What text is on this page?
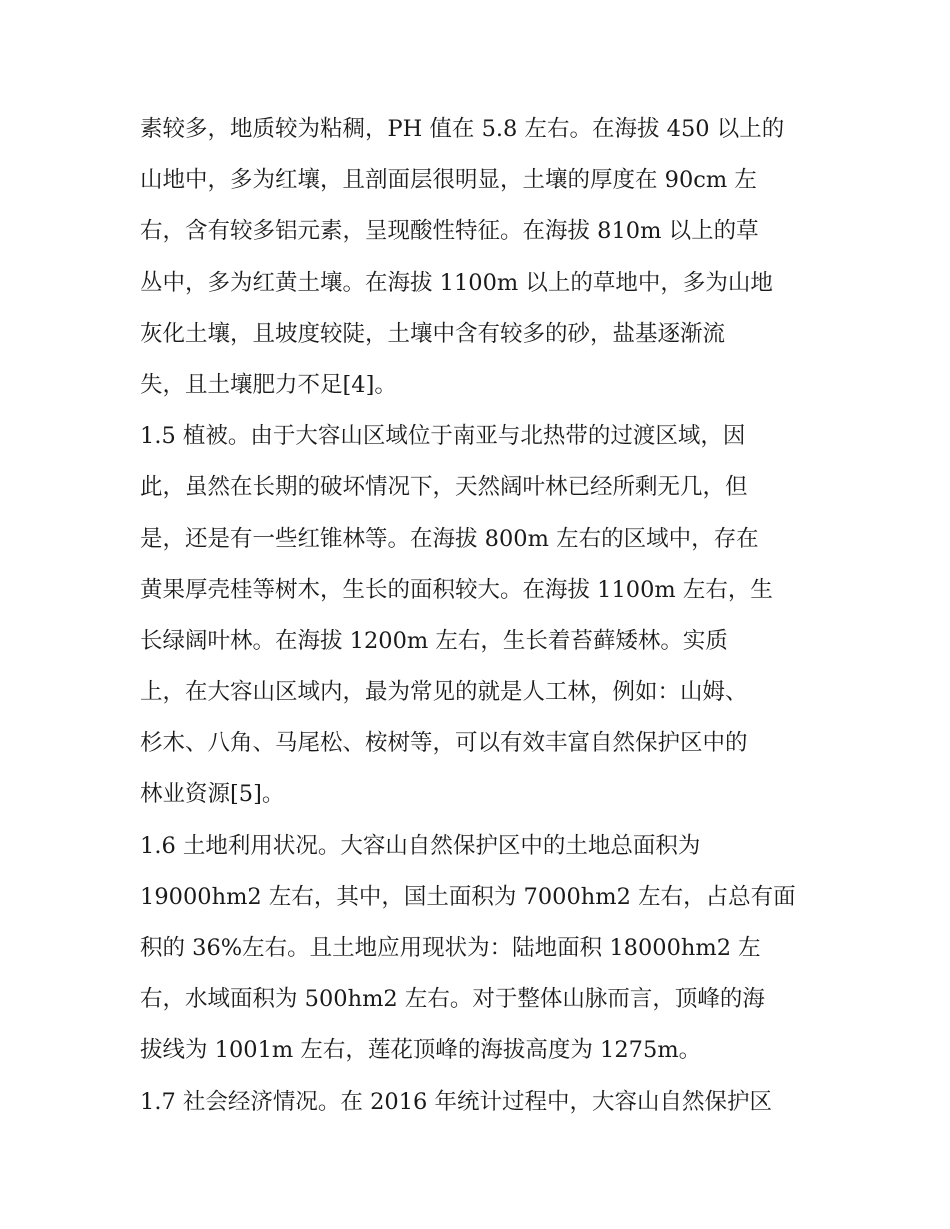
素较多，地质较为粘稠，PH 值在 5.8 左右。在海拔 450 以上的
山地中，多为红壤，且剖面层很明显，土壤的厚度在 90cm 左
右，含有较多铝元素，呈现酸性特征。在海拔 810m 以上的草
丛中，多为红黄土壤。在海拔 1100m 以上的草地中，多为山地
灰化土壤，且坡度较陡，土壤中含有较多的砂，盐基逐渐流
失，且土壤肥力不足[4]。
1.5 植被。由于大容山区域位于南亚与北热带的过渡区域，因
此，虽然在长期的破坏情况下，天然阔叶林已经所剩无几，但
是，还是有一些红锥林等。在海拔 800m 左右的区域中，存在
黄果厚壳桂等树木，生长的面积较大。在海拔 1100m 左右，生
长绿阔叶林。在海拔 1200m 左右，生长着苔藓矮林。实质
上，在大容山区域内，最为常见的就是人工林，例如：山姆、
杉木、八角、马尾松、桉树等，可以有效丰富自然保护区中的
林业资源[5]。
1.6 土地利用状况。大容山自然保护区中的土地总面积为
19000hm2 左右，其中，国土面积为 7000hm2 左右，占总有面
积的 36%左右。且土地应用现状为：陆地面积 18000hm2 左
右，水域面积为 500hm2 左右。对于整体山脉而言，顶峰的海
拔线为 1001m 左右，莲花顶峰的海拔高度为 1275m。
1.7 社会经济情况。在 2016 年统计过程中，大容山自然保护区
